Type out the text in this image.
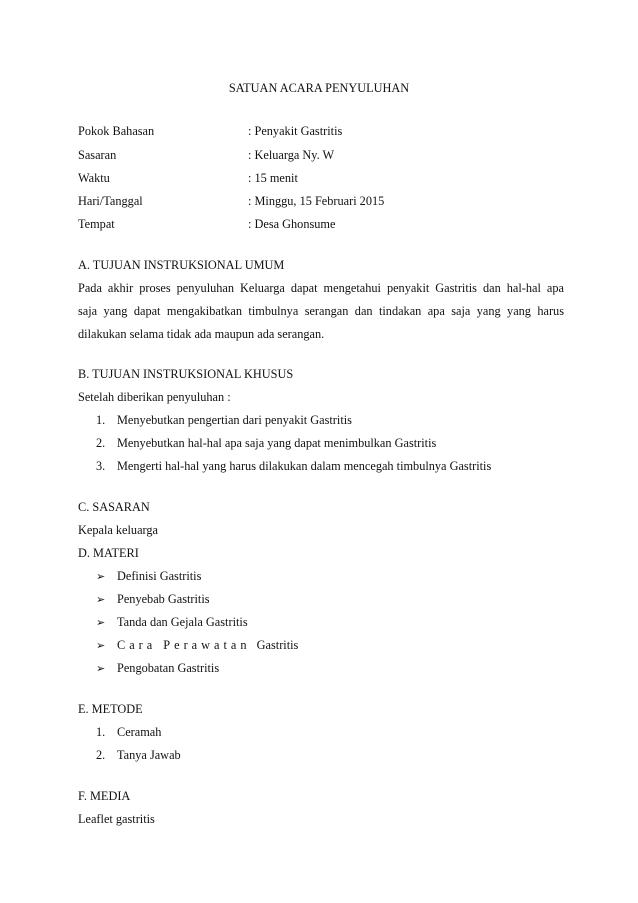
SATUAN ACARA PENYULUHAN
Pokok Bahasan	: Penyakit Gastritis
Sasaran	: Keluarga Ny. W
Waktu	: 15 menit
Hari/Tanggal	: Minggu, 15 Februari 2015
Tempat	: Desa Ghonsume
A. TUJUAN INSTRUKSIONAL UMUM
Pada akhir proses penyuluhan Keluarga dapat mengetahui penyakit Gastritis dan hal-hal apa
saja yang dapat mengakibatkan timbulnya serangan dan tindakan apa saja yang yang harus
dilakukan selama tidak ada maupun ada serangan.
B. TUJUAN INSTRUKSIONAL KHUSUS
Setelah diberikan penyuluhan :
1. Menyebutkan pengertian dari penyakit Gastritis
2. Menyebutkan hal-hal apa saja yang dapat menimbulkan Gastritis
3. Mengerti hal-hal yang harus dilakukan dalam mencegah timbulnya Gastritis
C. SASARAN
Kepala keluarga
D. MATERI
➢ Definisi Gastritis
➢ Penyebab Gastritis
➢ Tanda dan Gejala Gastritis
➢ Cara Perawatan Gastritis
➢ Pengobatan Gastritis
E. METODE
1. Ceramah
2. Tanya Jawab
F. MEDIA
Leaflet gastritis
